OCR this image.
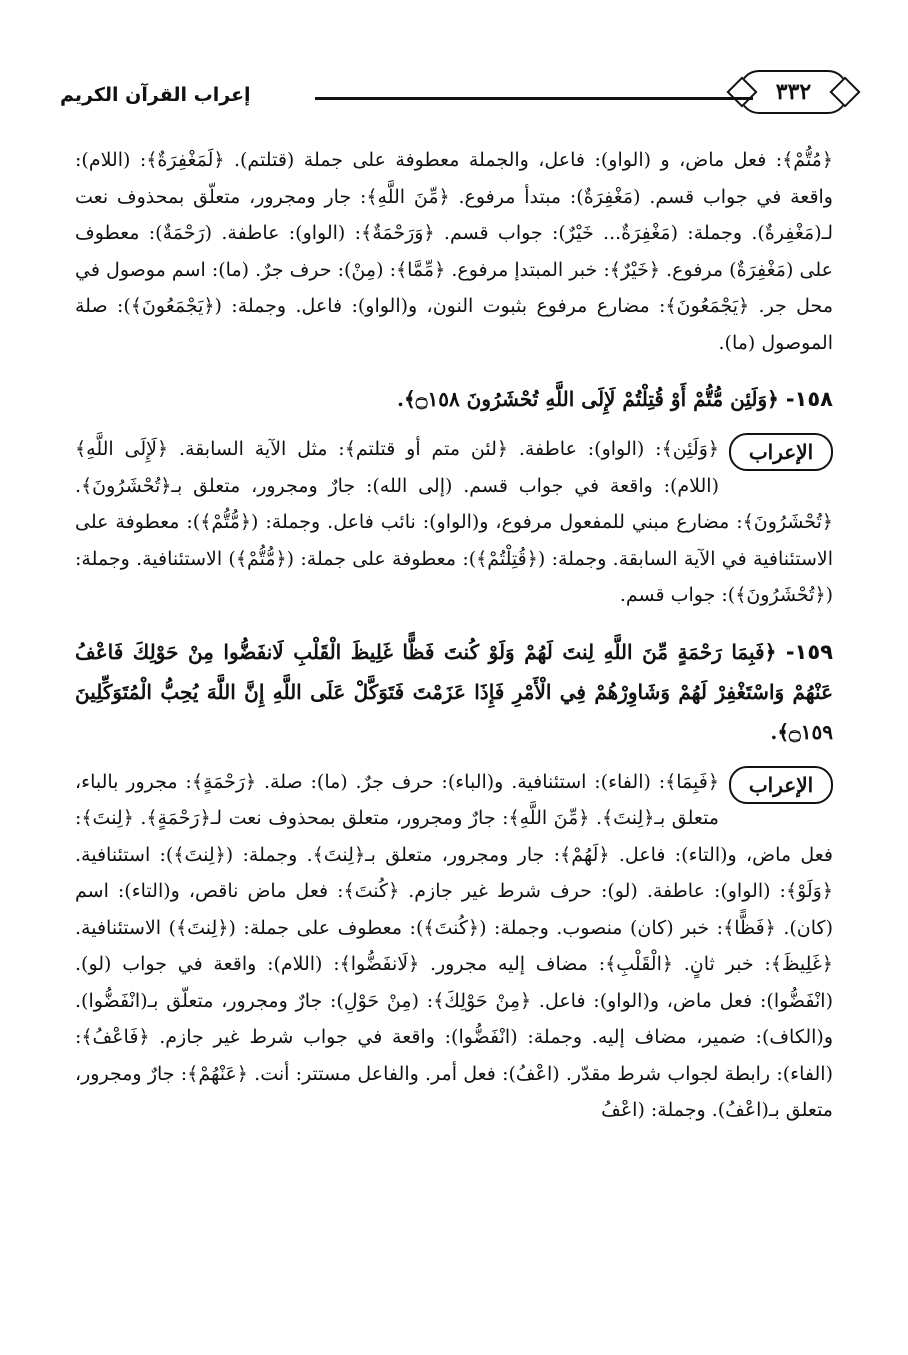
٣٣٢
إعراب القرآن الكريم

﴿مُتُّمْ﴾: فعل ماض، و (الواو): فاعل، والجملة معطوفة على جملة (قتلتم). ﴿لَمَغْفِرَةٌ﴾: (اللام): واقعة في جواب قسم. (مَغْفِرَةٌ): مبتدأ مرفوع. ﴿مِّنَ اللَّهِ﴾: جار ومجرور، متعلّق بمحذوف نعت لـ(مَغْفِرةٌ). وجملة: (مَغْفِرَةٌ... خَيْرٌ): جواب قسم. ﴿وَرَحْمَةٌ﴾: (الواو): عاطفة. (رَحْمَةٌ): معطوف على (مَغْفِرَةٌ) مرفوع. ﴿خَيْرٌ﴾: خبر المبتدإ مرفوع. ﴿مِّمَّا﴾: (مِنْ): حرف جرٌ. (ما): اسم موصول في محل جر. ﴿يَجْمَعُونَ﴾: مضارع مرفوع بثبوت النون، و(الواو): فاعل. وجملة: (﴿يَجْمَعُونَ﴾): صلة الموصول (ما).

١٥٨- ﴿وَلَئِن مُّتُّمْ أَوْ قُتِلْتُمْ لَإِلَى اللَّهِ تُحْشَرُونَ ۝١٥٨﴾.

الإعراب

﴿وَلَئِن﴾: (الواو): عاطفة. ﴿لئن متم أو قتلتم﴾: مثل الآية السابقة. ﴿لَإِلَى اللَّهِ﴾ (اللام): واقعة في جواب قسم. (إلى الله): جارٌ ومجرور، متعلق بـ﴿تُحْشَرُونَ﴾. ﴿تُحْشَرُونَ﴾: مضارع مبني للمفعول مرفوع، و(الواو): نائب فاعل. وجملة: (﴿مُّتُّمْ﴾): معطوفة على الاستئنافية في الآية السابقة. وجملة: (﴿قُتِلْتُمْ﴾): معطوفة على جملة: (﴿مُّتُّمْ﴾) الاستئنافية. وجملة: (﴿تُحْشَرُونَ﴾): جواب قسم.

١٥٩- ﴿فَبِمَا رَحْمَةٍ مِّنَ اللَّهِ لِنتَ لَهُمْ وَلَوْ كُنتَ فَظًّا غَلِيظَ الْقَلْبِ لَانفَضُّوا مِنْ حَوْلِكَ فَاعْفُ عَنْهُمْ وَاسْتَغْفِرْ لَهُمْ وَشَاوِرْهُمْ فِي الْأَمْرِ فَإِذَا عَزَمْتَ فَتَوَكَّلْ عَلَى اللَّهِ إِنَّ اللَّهَ يُحِبُّ الْمُتَوَكِّلِينَ ۝١٥٩﴾.

الإعراب

﴿فَبِمَا﴾: (الفاء): استئنافية. و(الباء): حرف جرٌ. (ما): صلة. ﴿رَحْمَةٍ﴾: مجرور بالباء، متعلق بـ﴿لِنتَ﴾. ﴿مِّنَ اللَّهِ﴾: جارٌ ومجرور، متعلق بمحذوف نعت لـ﴿رَحْمَةٍ﴾. ﴿لِنتَ﴾: فعل ماض، و(التاء): فاعل. ﴿لَهُمْ﴾: جار ومجرور، متعلق بـ﴿لِنتَ﴾. وجملة: (﴿لِنتَ﴾): استئنافية. ﴿وَلَوْ﴾: (الواو): عاطفة. (لو): حرف شرط غير جازم. ﴿كُنتَ﴾: فعل ماض ناقص، و(التاء): اسم (كان). ﴿فَظًّا﴾: خبر (كان) منصوب. وجملة: (﴿كُنتَ﴾): معطوف على جملة: (﴿لِنتَ﴾) الاستئنافية. ﴿غَلِيظَ﴾: خبر ثانٍ. ﴿الْقَلْبِ﴾: مضاف إليه مجرور. ﴿لَانفَضُّوا﴾: (اللام): واقعة في جواب (لو). (انْفَضُّوا): فعل ماض، و(الواو): فاعل. ﴿مِنْ حَوْلِكَ﴾: (مِنْ حَوْلِ): جارٌ ومجرور، متعلّق بـ(انْفَضُّوا). و(الكاف): ضمير، مضاف إليه. وجملة: (انْفَضُّوا): واقعة في جواب شرط غير جازم. ﴿فَاعْفُ﴾: (الفاء): رابطة لجواب شرط مقدّر. (اعْفُ): فعل أمر. والفاعل مستتر: أنت. ﴿عَنْهُمْ﴾: جارٌ ومجرور، متعلق بـ(اعْفُ). وجملة: (اعْفُ
